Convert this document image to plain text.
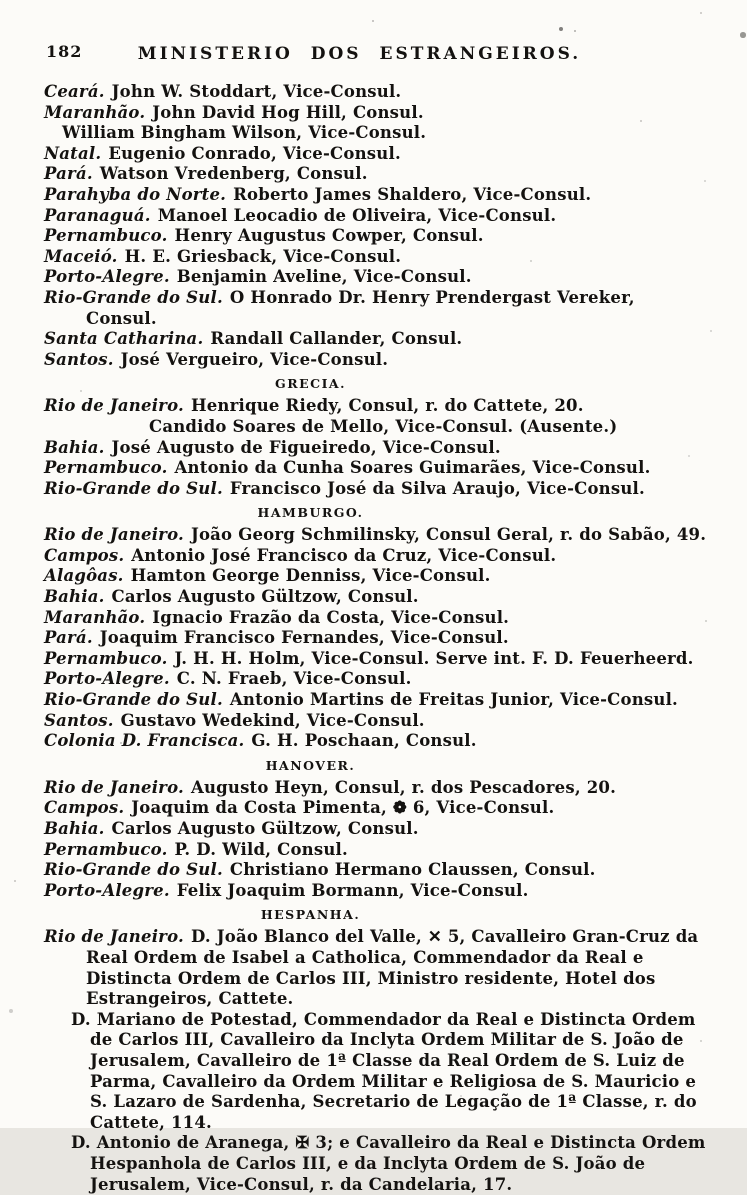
182	MINISTERIO DOS ESTRANGEIROS.

Ceará. John W. Stoddart, Vice-Consul.

Maranhão. John David Hog Hill, Consul.

William Bingham Wilson, Vice-Consul.

Natal. Eugenio Conrado, Vice-Consul.

Pará. Watson Vredenberg, Consul.

Parahyba do Norte. Roberto James Shaldero, Vice-Consul.

Paranaguá. Manoel Leocadio de Oliveira, Vice-Consul.

Pernambuco. Henry Augustus Cowper, Consul.

Maceió. H. E. Griesback, Vice-Consul.

Porto-Alegre. Benjamin Aveline, Vice-Consul.

Rio-Grande do Sul. O Honrado Dr. Henry Prendergast Vereker, Consul.

Santa Catharina. Randall Callander, Consul.

Santos. José Vergueiro, Vice-Consul.

GRECIA.

Rio de Janeiro. Henrique Riedy, Consul, r. do Cattete, 20.

Candido Soares de Mello, Vice-Consul. (Ausente.)

Bahia. José Augusto de Figueiredo, Vice-Consul.

Pernambuco. Antonio da Cunha Soares Guimarães, Vice-Consul.

Rio-Grande do Sul. Francisco José da Silva Araujo, Vice-Consul.

HAMBURGO.

Rio de Janeiro. João Georg Schmilinsky, Consul Geral, r. do Sabão, 49.

Campos. Antonio José Francisco da Cruz, Vice-Consul.

Alagôas. Hamton George Denniss, Vice-Consul.

Bahia. Carlos Augusto Gültzow, Consul.

Maranhão. Ignacio Frazão da Costa, Vice-Consul.

Pará. Joaquim Francisco Fernandes, Vice-Consul.

Pernambuco. J. H. H. Holm, Vice-Consul. Serve int. F. D. Feuerheerd.

Porto-Alegre. C. N. Fraeb, Vice-Consul.

Rio-Grande do Sul. Antonio Martins de Freitas Junior, Vice-Consul.

Santos. Gustavo Wedekind, Vice-Consul.

Colonia D. Francisca. G. H. Poschaan, Consul.

HANOVER.

Rio de Janeiro. Augusto Heyn, Consul, r. dos Pescadores, 20.

Campos. Joaquim da Costa Pimenta, ❁ 6, Vice-Consul.

Bahia. Carlos Augusto Gültzow, Consul.

Pernambuco. P. D. Wild, Consul.

Rio-Grande do Sul. Christiano Hermano Claussen, Consul.

Porto-Alegre. Felix Joaquim Bormann, Vice-Consul.

HESPANHA.

Rio de Janeiro. D. João Blanco del Valle, ✕ 5, Cavalleiro Gran-Cruz da Real Ordem de Isabel a Catholica, Commendador da Real e Distincta Ordem de Carlos III, Ministro residente, Hotel dos Estrangeiros, Cattete.

D. Mariano de Potestad, Commendador da Real e Distincta Ordem de Carlos III, Cavalleiro da Inclyta Ordem Militar de S. João de Jerusalem, Cavalleiro de 1ª Classe da Real Ordem de S. Luiz de Parma, Cavalleiro da Ordem Militar e Religiosa de S. Mauricio e S. Lazaro de Sardenha, Secretario de Legação de 1ª Classe, r. do Cattete, 114.

D. Antonio de Aranega, ✠ 3; e Cavalleiro da Real e Distincta Ordem Hespanhola de Carlos III, e da Inclyta Ordem de S. João de Jerusalem, Vice-Consul, r. da Candelaria, 17.
